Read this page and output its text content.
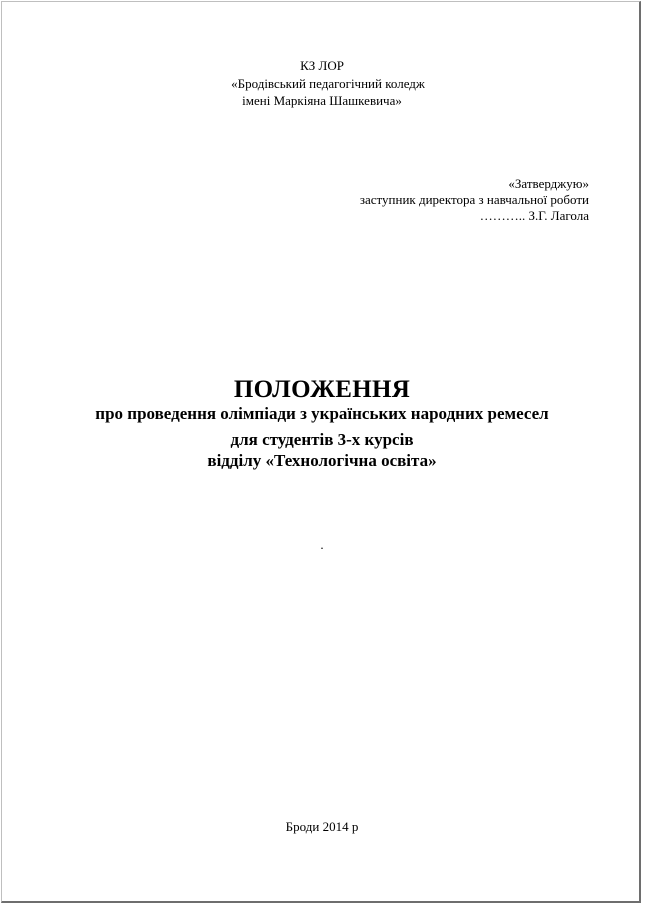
КЗ ЛОР
«Бродівський педагогічний коледж
імені Маркіяна Шашкевича»
«Затверджую»
заступник директора з навчальної роботи
……….. З.Г. Лагола
ПОЛОЖЕННЯ
про проведення олімпіади з українських народних ремесел
для студентів 3-х курсів
відділу «Технологічна освіта»
.
Броди 2014 р
